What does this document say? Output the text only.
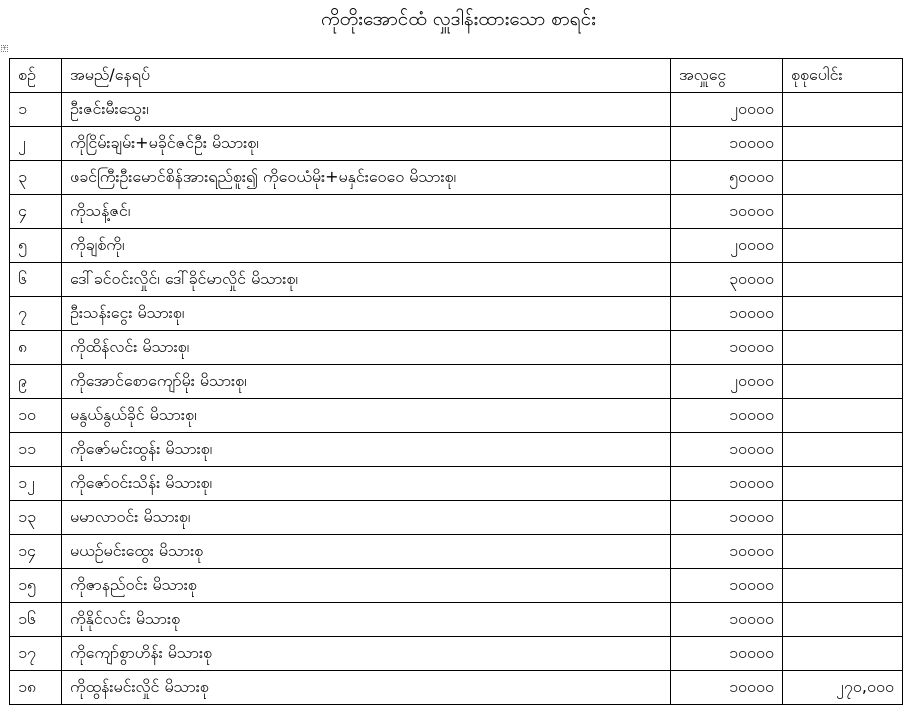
ကိုတိုးအောင်ထံ လှူဒါန်းထားသော စာရင်း
+
စဉ်	အမည်/နေရပ်	အလှူငွေ	စုစုပေါင်း
၁	ဦးဇင်းမီးသွေး၊	၂၀၀၀၀	
၂	ကိုငြိမ်းချမ်း+မခိုင်ဇင်ဦး မိသားစု၊	၁၀၀၀၀	
၃	ဖခင်ကြီးဦးမောင်စိန်အားရည်စူး၍ ကိုဝေယံမိုး+မနှင်းဝေဝေ မိသားစု၊	၅၀၀၀၀	
၄	ကိုသန့်ဇင်၊	၁၀၀၀၀	
၅	ကိုချစ်ကို၊	၂၀၀၀၀	
၆	ဒေါ်ခင်ဝင်းလှိုင်၊ ဒေါ်ခိုင်မာလှိုင် မိသားစု၊	၃၀၀၀၀	
၇	ဦးသန်းငွေး မိသားစု၊	၁၀၀၀၀	
၈	ကိုထိန်လင်း မိသားစု၊	၁၀၀၀၀	
၉	ကိုအောင်စောကျော်မိုး မိသားစု၊	၂၀၀၀၀	
၁၀	မနွယ်နွယ်ခိုင် မိသားစု၊	၁၀၀၀၀	
၁၁	ကိုဇော်မင်းထွန်း မိသားစု၊	၁၀၀၀၀	
၁၂	ကိုဇော်ဝင်းသိန်း မိသားစု၊	၁၀၀၀၀	
၁၃	မမာလာဝင်း မိသားစု၊	၁၀၀၀၀	
၁၄	မယဉ်မင်းထွေး မိသားစု	၁၀၀၀၀	
၁၅	ကိုဇာနည်ဝင်း မိသားစု	၁၀၀၀၀	
၁၆	ကိုနိုင်လင်း မိသားစု	၁၀၀၀၀	
၁၇	ကိုကျော်စွာဟိန်း မိသားစု	၁၀၀၀၀	
၁၈	ကိုထွန်းမင်းလှိုင် မိသားစု	၁၀၀၀၀	၂၇၀,၀၀၀
